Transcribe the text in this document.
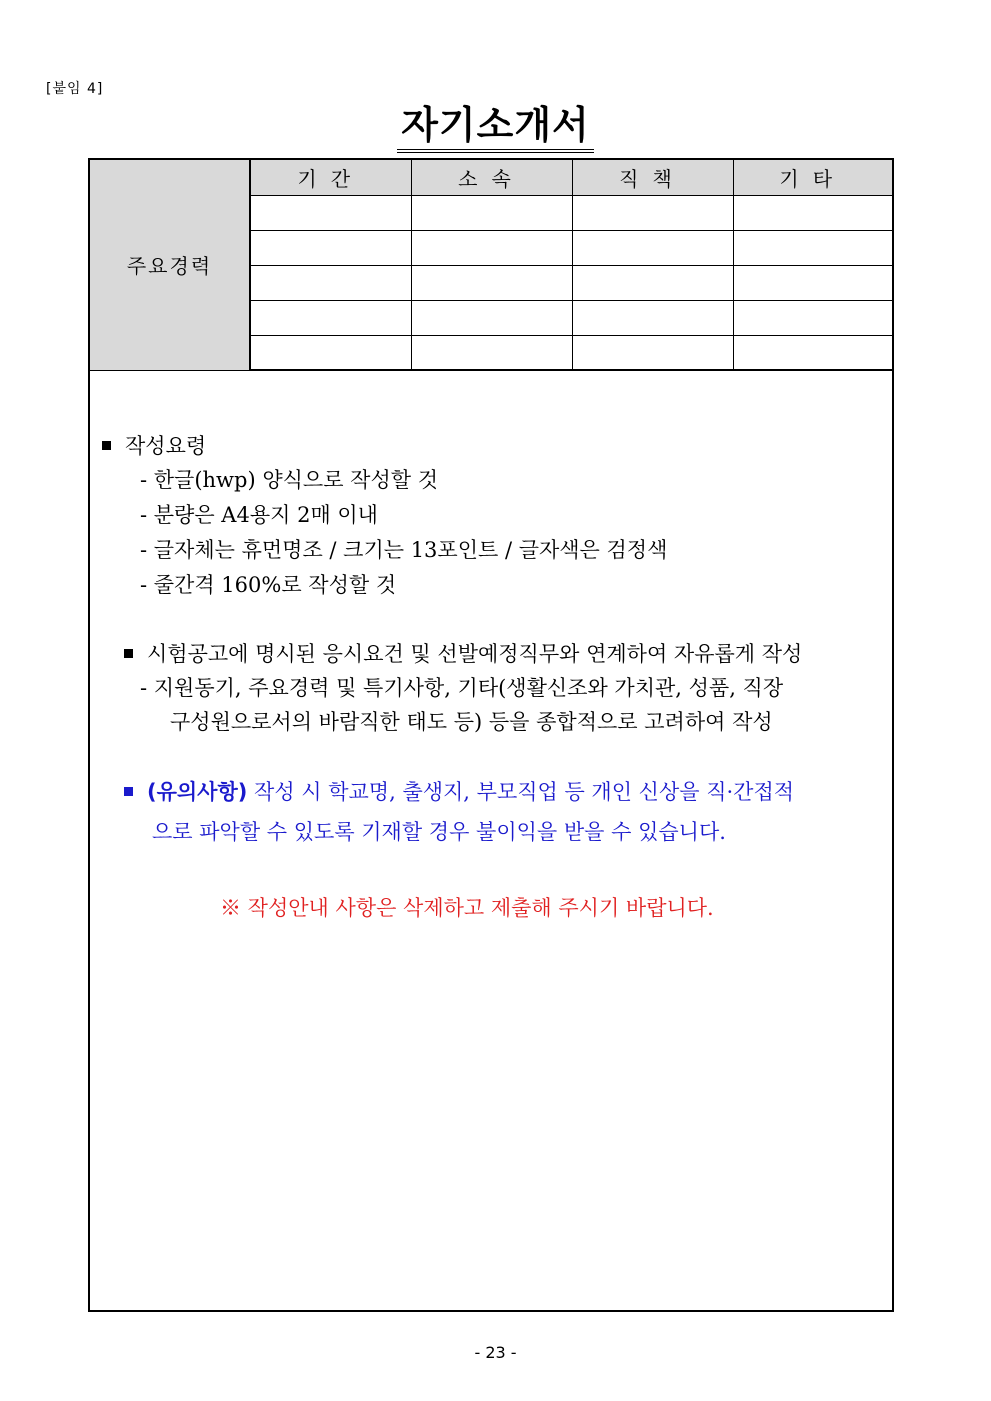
[붙임 4]
자기소개서
주요경력	기간	소속	직책	기타

작성요령
- 한글(hwp) 양식으로 작성할 것
- 분량은 A4용지 2매 이내
- 글자체는 휴먼명조 / 크기는 13포인트 / 글자색은 검정색
- 줄간격 160%로 작성할 것
시험공고에 명시된 응시요건 및 선발예정직무와 연계하여 자유롭게 작성
- 지원동기, 주요경력 및 특기사항, 기타(생활신조와 가치관, 성품, 직장
구성원으로서의 바람직한 태도 등) 등을 종합적으로 고려하여 작성
(유의사항) 작성 시 학교명, 출생지, 부모직업 등 개인 신상을 직·간접적
으로 파악할 수 있도록 기재할 경우 불이익을 받을 수 있습니다.
※ 작성안내 사항은 삭제하고 제출해 주시기 바랍니다.
- 23 -
